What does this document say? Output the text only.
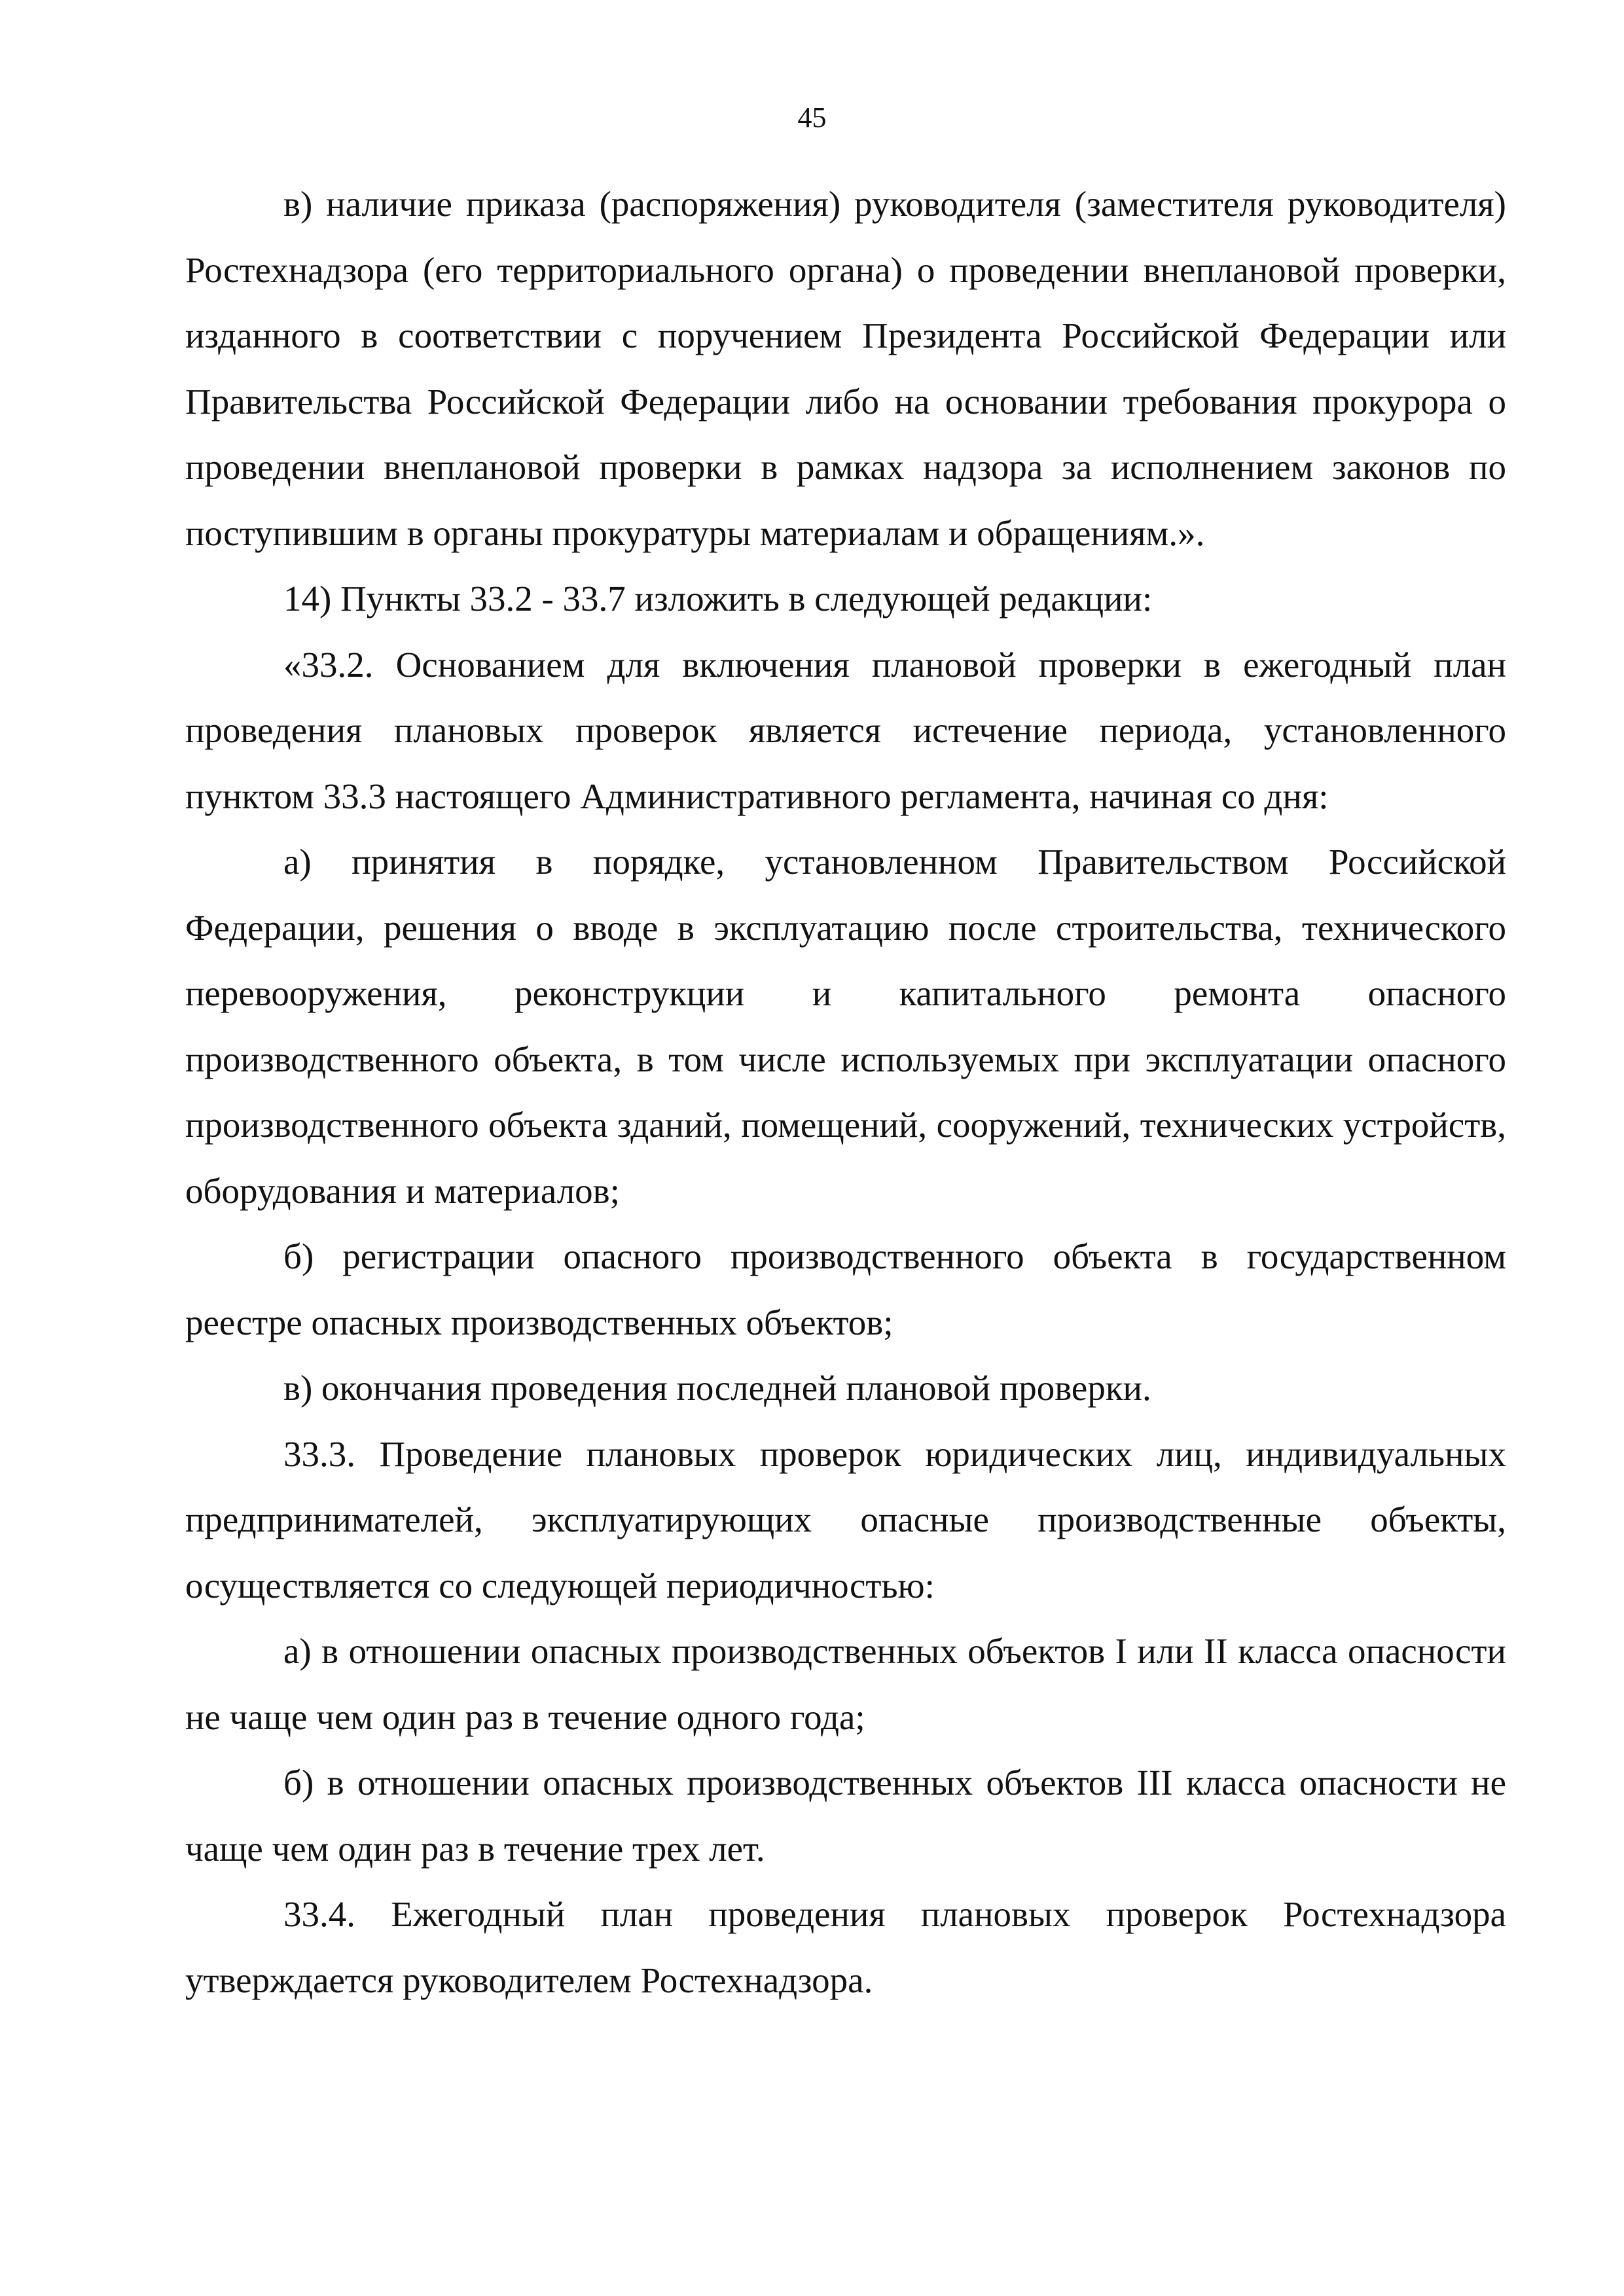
45

в) наличие приказа (распоряжения) руководителя (заместителя руководителя) Ростехнадзора (его территориального органа) о проведении внеплановой проверки, изданного в соответствии с поручением Президента Российской Федерации или Правительства Российской Федерации либо на основании требования прокурора о проведении внеплановой проверки в рамках надзора за исполнением законов по поступившим в органы прокуратуры материалам и обращениям.».

14) Пункты 33.2 - 33.7 изложить в следующей редакции:

«33.2. Основанием для включения плановой проверки в ежегодный план проведения плановых проверок является истечение периода, установленного пунктом 33.3 настоящего Административного регламента, начиная со дня:

а) принятия в порядке, установленном Правительством Российской Федерации, решения о вводе в эксплуатацию после строительства, технического перевооружения, реконструкции и капитального ремонта опасного производственного объекта, в том числе используемых при эксплуатации опасного производственного объекта зданий, помещений, сооружений, технических устройств, оборудования и материалов;

б) регистрации опасного производственного объекта в государственном реестре опасных производственных объектов;

в) окончания проведения последней плановой проверки.

33.3. Проведение плановых проверок юридических лиц, индивидуальных предпринимателей, эксплуатирующих опасные производственные объекты, осуществляется со следующей периодичностью:

а) в отношении опасных производственных объектов I или II класса опасности не чаще чем один раз в течение одного года;

б) в отношении опасных производственных объектов III класса опасности не чаще чем один раз в течение трех лет.

33.4. Ежегодный план проведения плановых проверок Ростехнадзора утверждается руководителем Ростехнадзора.
